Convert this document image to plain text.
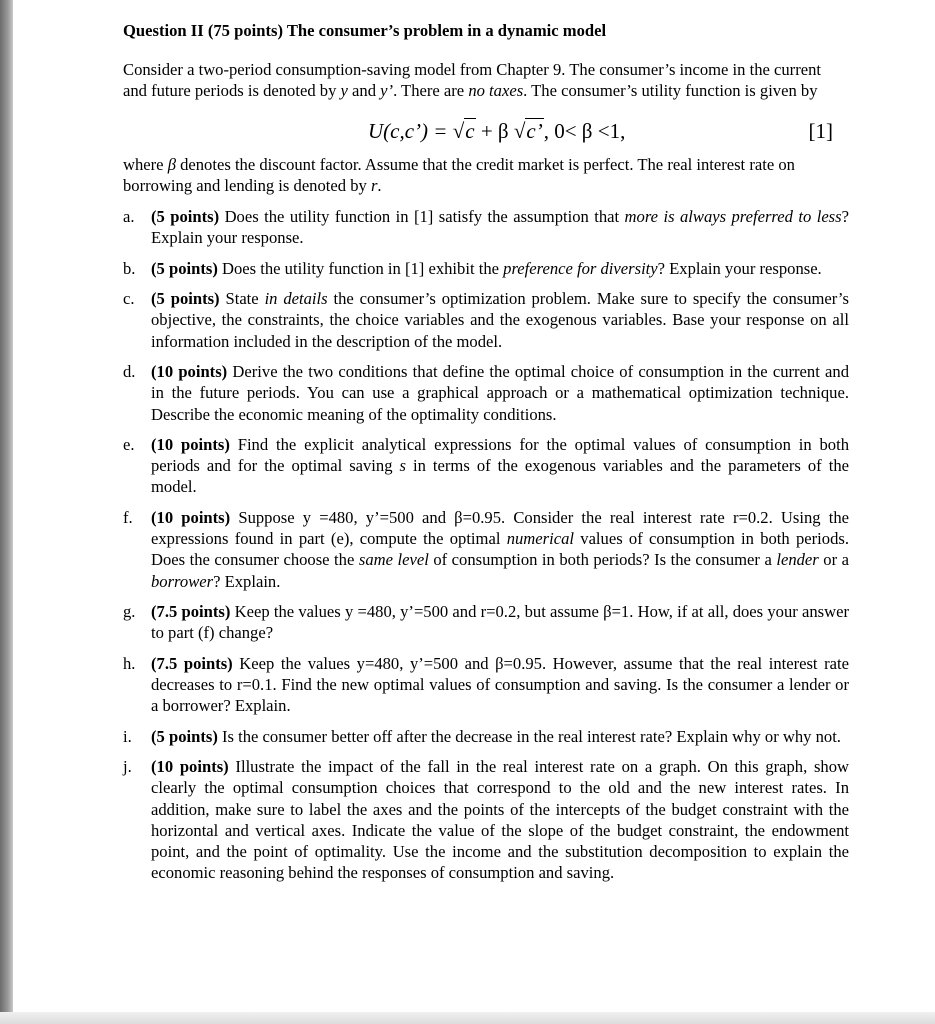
Question II (75 points) The consumer’s problem in a dynamic model

Consider a two-period consumption-saving model from Chapter 9. The consumer’s income in the current and future periods is denoted by y and y’. There are no taxes. The consumer’s utility function is given by
U(c,c’) = √c + β √c’, 0< β <1,	[1]
where β denotes the discount factor. Assume that the credit market is perfect. The real interest rate on borrowing and lending is denoted by r.
a. (5 points) Does the utility function in [1] satisfy the assumption that more is always preferred to less? Explain your response.
b. (5 points) Does the utility function in [1] exhibit the preference for diversity? Explain your response.
c. (5 points) State in details the consumer’s optimization problem. Make sure to specify the consumer’s objective, the constraints, the choice variables and the exogenous variables. Base your response on all information included in the description of the model.
d. (10 points) Derive the two conditions that define the optimal choice of consumption in the current and in the future periods. You can use a graphical approach or a mathematical optimization technique. Describe the economic meaning of the optimality conditions.
e. (10 points) Find the explicit analytical expressions for the optimal values of consumption in both periods and for the optimal saving s in terms of the exogenous variables and the parameters of the model.
f. (10 points) Suppose y =480, y’=500 and β=0.95. Consider the real interest rate r=0.2. Using the expressions found in part (e), compute the optimal numerical values of consumption in both periods. Does the consumer choose the same level of consumption in both periods? Is the consumer a lender or a borrower? Explain.
g. (7.5 points) Keep the values y =480, y’=500 and r=0.2, but assume β=1. How, if at all, does your answer to part (f) change?
h. (7.5 points) Keep the values y=480, y’=500 and β=0.95. However, assume that the real interest rate decreases to r=0.1. Find the new optimal values of consumption and saving. Is the consumer a lender or a borrower? Explain.
i. (5 points) Is the consumer better off after the decrease in the real interest rate? Explain why or why not.
j. (10 points) Illustrate the impact of the fall in the real interest rate on a graph. On this graph, show clearly the optimal consumption choices that correspond to the old and the new interest rates. In addition, make sure to label the axes and the points of the intercepts of the budget constraint with the horizontal and vertical axes. Indicate the value of the slope of the budget constraint, the endowment point, and the point of optimality. Use the income and the substitution decomposition to explain the economic reasoning behind the responses of consumption and saving.
